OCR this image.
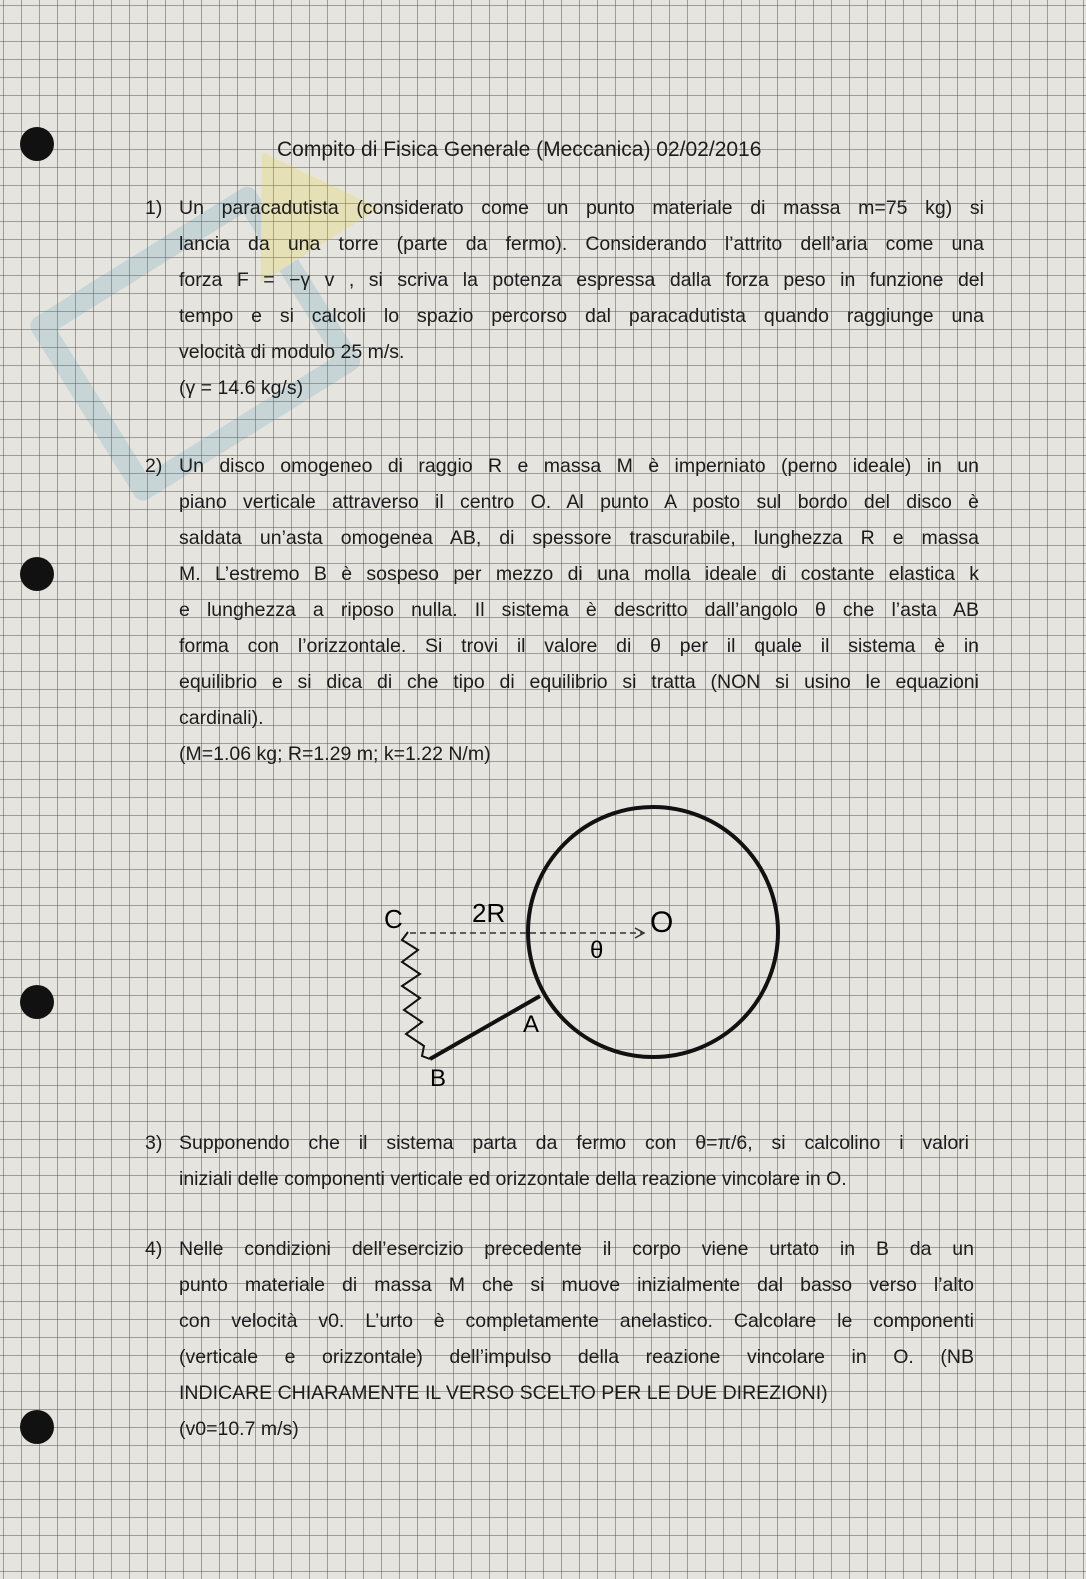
Compito di Fisica Generale (Meccanica) 02/02/2016
1) Un paracadutista (considerato come un punto materiale di massa m=75 kg) si
lancia da una torre (parte da fermo). Considerando l’attrito dell’aria come una
forza F = −γ v , si scriva la potenza espressa dalla forza peso in funzione del
tempo e si calcoli lo spazio percorso dal paracadutista quando raggiunge una
velocità di modulo 25 m/s.
(γ = 14.6 kg/s)
2) Un disco omogeneo di raggio R e massa M è imperniato (perno ideale) in un
piano verticale attraverso il centro O. Al punto A posto sul bordo del disco è
saldata un’asta omogenea AB, di spessore trascurabile, lunghezza R e massa
M. L’estremo B è sospeso per mezzo di una molla ideale di costante elastica k
e lunghezza a riposo nulla. Il sistema è descritto dall’angolo θ che l’asta AB
forma con l’orizzontale. Si trovi il valore di θ per il quale il sistema è in
equilibrio e si dica di che tipo di equilibrio si tratta (NON si usino le equazioni
cardinali).
(M=1.06 kg; R=1.29 m; k=1.22 N/m)
C	2R	O
θ
A
B
3) Supponendo che il sistema parta da fermo con θ=π/6, si calcolino i valori
iniziali delle componenti verticale ed orizzontale della reazione vincolare in O.
4) Nelle condizioni dell’esercizio precedente il corpo viene urtato in B da un
punto materiale di massa M che si muove inizialmente dal basso verso l’alto
con velocità v0. L’urto è completamente anelastico. Calcolare le componenti
(verticale e orizzontale) dell’impulso della reazione vincolare in O. (NB
INDICARE CHIARAMENTE IL VERSO SCELTO PER LE DUE DIREZIONI)
(v0=10.7 m/s)
